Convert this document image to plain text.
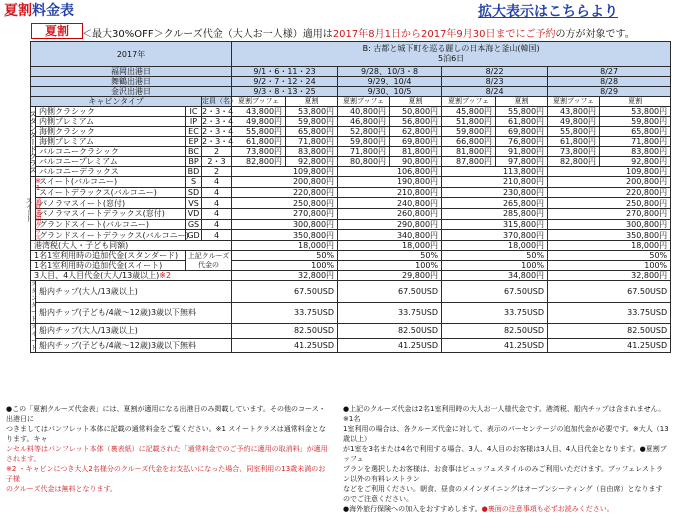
夏割料金表	拡大表示はこちらより
夏割	＜最大30%OFF＞クルーズ代金（大人お一人様）適用は2017年8月1日から2017年9月30日までにご予約の方が対象です。
2017年				B: 古都と城下町を巡る麗しの日本海と釜山(韓国)
5泊6日							

福岡出港日				9/1・6・11・23		9/28、10/3・8		8/22		8/27	
舞鶴出港日				9/2・7・12・24		9/29、10/4		8/23		8/28	
金沢出港日				9/3・8・13・25		9/30、10/5		8/24		8/29	
キャビンタイプ			定員（名）	夏割ブッフェ	夏割	夏割ブッフェ	夏割	夏割ブッフェ	夏割	夏割ブッフェ	夏割
スタンダードクラス	内側クラシック	IC	2・3・4	43,800円	53,800円	40,800円	50,800円	45,800円	55,800円	43,800円	53,800円
	内側プレミアム	IP	2・3・4	49,800円	59,800円	46,800円	56,800円	51,800円	61,800円	49,800円	59,800円
	海側クラシック	EC	2・3・4	55,800円	65,800円	52,800円	62,800円	59,800円	69,800円	55,800円	65,800円
	海側プレミアム	EP	2・3・4	61,800円	71,800円	59,800円	69,800円	66,800円	76,800円	61,800円	71,800円
	バルコニークラシック	BC	2	73,800円	83,800円	71,800円	81,800円	81,800円	91,800円	73,800円	83,800円
	バルコニープレミアム	BP	2・3	82,800円	92,800円	80,800円	90,800円	87,800円	97,800円	82,800円	92,800円
	バルコニーデラックス	BD	2	109,800円		106,800円		113,800円		109,800円	

スイート ※1 通常適用クラス	スイート(バルコニー)	S	4	200,800円		190,800円		210,800円		200,800円	
	スイートデラックス(バルコニー)	SD	4	220,800円		210,800円		230,800円		220,800円	
	パノラマスイート(窓付)	VS	4	250,800円		240,800円		265,800円		250,800円	
	パノラマスイートデラックス(窓付)	VD	4	270,800円		260,800円		285,800円		270,800円	
	グランドスイート(バルコニー)	GS	4	300,800円		290,800円		315,800円		300,800円	
	グランドスイートデラックス(バルコニー)	GD	4	350,800円		340,800円		370,800円		350,800円	
港湾税(大人・子ども同額)				18,000円		18,000円		18,000円		18,000円	
1名1室利用時の追加代金(スタンダード)		上記クルーズ代金の		50%		50%		50%		50%	
1名1室利用時の追加代金(スイート)				100%		100%		100%		100%	
3人目、4人目代金(大人/13歳以上)※2				32,800円		29,800円		34,800円		32,800円	
スタンダード	船内チップ(大人/13歳以上)			67.50USD		67.50USD		67.50USD		67.50USD	
	船内チップ(子ども/4歳～12歳)3歳以下無料			33.75USD		33.75USD		33.75USD		33.75USD	
スイート	船内チップ(大人/13歳以上)			82.50USD		82.50USD		82.50USD		82.50USD	
	船内チップ(子ども/4歳～12歳)3歳以下無料			41.25USD		41.25USD		41.25USD		41.25USD	
●この「夏割クルーズ代金表」には、夏割が適用になる出港日のみ掲載しています。その他のコース・出港日に
つきましてはパンフレット本体に記載の通常料金をご覧ください。※1 スイートクラスは通常料金となります。キャ
ンセル料等はパンフレット本体（裏表紙）に記載された「通常料金でのご予約に適用の取消料」が適用されます。
※2 ・キャビンにつき大人2名様分のクルーズ代金をお支払いになった場合、同室利用の13歳未満のお子様
のクルーズ代金は無料となります。
●上記のクルーズ代金は2名1室利用時の大人お一人様代金です。港湾税、船内チップは含まれません。 ※1名
1室利用の場合は、各クルーズ代金に対して、表示のパーセンテージの追加代金が必要です。※大人（13歳以上）
が1室を3名または4名で利用する場合、3人、4人目のお客様は3人目、4人目代金となります。●夏割ブッフェ
プランを選択したお客様は、お食事はビュッフェスタイルのみご利用いただけます。ブッフェレストラン以外の有料レストラン
などをご利用ください。朝食、昼食のメインダイニングはオープンシーティング（自由席）となりますのでご注意ください。
●海外旅行保険への加入をおすすめします。●裏面の注意事項も必ずお読みください。
